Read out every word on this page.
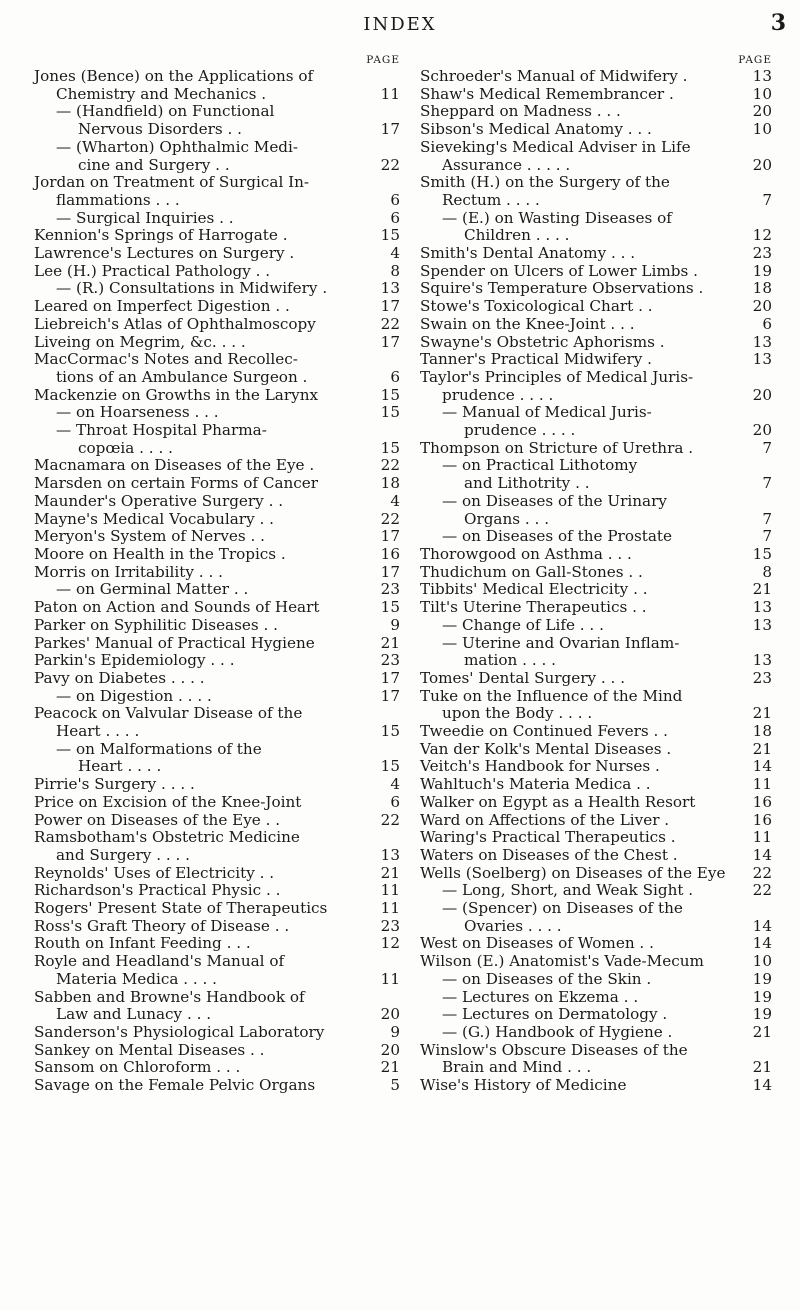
INDEX	3
PAGE
Jones (Bence) on the Applications of
Chemistry and Mechanics .	11
— (Handfield) on Functional
Nervous Disorders . .	17
— (Wharton) Ophthalmic Medi-
cine and Surgery . .	22
Jordan on Treatment of Surgical In-
flammations . . .	6
— Surgical Inquiries . .	6
Kennion's Springs of Harrogate .	15
Lawrence's Lectures on Surgery .	4
Lee (H.) Practical Pathology . .	8
— (R.) Consultations in Midwifery .	13
Leared on Imperfect Digestion . .	17
Liebreich's Atlas of Ophthalmoscopy	22
Liveing on Megrim, &c. . . .	17
MacCormac's Notes and Recollec-
tions of an Ambulance Surgeon .	6
Mackenzie on Growths in the Larynx	15
— on Hoarseness . . .	15
— Throat Hospital Pharma-
copœia . . . .	15
Macnamara on Diseases of the Eye .	22
Marsden on certain Forms of Cancer	18
Maunder's Operative Surgery . .	4
Mayne's Medical Vocabulary . .	22
Meryon's System of Nerves . .	17
Moore on Health in the Tropics .	16
Morris on Irritability . . .	17
— on Germinal Matter . .	23
Paton on Action and Sounds of Heart	15
Parker on Syphilitic Diseases . .	9
Parkes' Manual of Practical Hygiene	21
Parkin's Epidemiology . . .	23
Pavy on Diabetes . . . .	17
— on Digestion . . . .	17
Peacock on Valvular Disease of the
Heart . . . .	15
— on Malformations of the
Heart . . . .	15
Pirrie's Surgery . . . .	4
Price on Excision of the Knee-Joint	6
Power on Diseases of the Eye . .	22
Ramsbotham's Obstetric Medicine
and Surgery . . . .	13
Reynolds' Uses of Electricity . .	21
Richardson's Practical Physic . .	11
Rogers' Present State of Therapeutics	11
Ross's Graft Theory of Disease . .	23
Routh on Infant Feeding . . .	12
Royle and Headland's Manual of
Materia Medica . . . .	11
Sabben and Browne's Handbook of
Law and Lunacy . . .	20
Sanderson's Physiological Laboratory	9
Sankey on Mental Diseases . .	20
Sansom on Chloroform . . .	21
Savage on the Female Pelvic Organs	5
PAGE
Schroeder's Manual of Midwifery .	13
Shaw's Medical Remembrancer .	10
Sheppard on Madness . . .	20
Sibson's Medical Anatomy . . .	10
Sieveking's Medical Adviser in Life
Assurance . . . . .	20
Smith (H.) on the Surgery of the
Rectum . . . .	7
— (E.) on Wasting Diseases of
Children . . . .	12
Smith's Dental Anatomy . . .	23
Spender on Ulcers of Lower Limbs .	19
Squire's Temperature Observations .	18
Stowe's Toxicological Chart . .	20
Swain on the Knee-Joint . . .	6
Swayne's Obstetric Aphorisms .	13
Tanner's Practical Midwifery .	13
Taylor's Principles of Medical Juris-
prudence . . . .	20
— Manual of Medical Juris-
prudence . . . .	20
Thompson on Stricture of Urethra .	7
— on Practical Lithotomy
and Lithotrity . .	7
— on Diseases of the Urinary
Organs . . .	7
— on Diseases of the Prostate	7
Thorowgood on Asthma . . .	15
Thudichum on Gall-Stones . .	8
Tibbits' Medical Electricity . .	21
Tilt's Uterine Therapeutics . .	13
— Change of Life . . .	13
— Uterine and Ovarian Inflam-
mation . . . .	13
Tomes' Dental Surgery . . .	23
Tuke on the Influence of the Mind
upon the Body . . . .	21
Tweedie on Continued Fevers . .	18
Van der Kolk's Mental Diseases .	21
Veitch's Handbook for Nurses .	14
Wahltuch's Materia Medica . .	11
Walker on Egypt as a Health Resort	16
Ward on Affections of the Liver .	16
Waring's Practical Therapeutics .	11
Waters on Diseases of the Chest .	14
Wells (Soelberg) on Diseases of the Eye	22
— Long, Short, and Weak Sight .	22
— (Spencer) on Diseases of the
Ovaries . . . .	14
West on Diseases of Women . .	14
Wilson (E.) Anatomist's Vade-Mecum	10
— on Diseases of the Skin .	19
— Lectures on Ekzema . .	19
— Lectures on Dermatology .	19
— (G.) Handbook of Hygiene .	21
Winslow's Obscure Diseases of the
Brain and Mind . . .	21
Wise's History of Medicine	14
